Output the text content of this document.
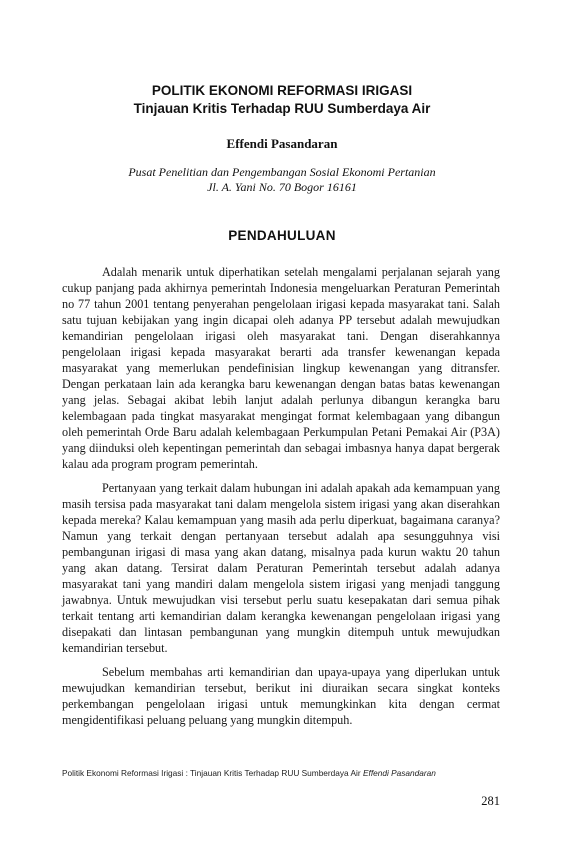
POLITIK EKONOMI REFORMASI IRIGASI
Tinjauan Kritis Terhadap RUU Sumberdaya Air
Effendi Pasandaran
Pusat Penelitian dan Pengembangan Sosial Ekonomi Pertanian
Jl. A. Yani No. 70 Bogor 16161
PENDAHULUAN

Adalah menarik untuk diperhatikan setelah mengalami perjalanan sejarah yang cukup panjang pada akhirnya pemerintah Indonesia mengeluarkan Peraturan Pemerintah no 77 tahun 2001 tentang penyerahan pengelolaan irigasi kepada masyarakat tani. Salah satu tujuan kebijakan yang ingin dicapai oleh adanya PP tersebut adalah mewujudkan kemandirian pengelolaan irigasi oleh masyarakat tani. Dengan diserahkannya pengelolaan irigasi kepada masyarakat berarti ada transfer kewenangan kepada masyarakat yang memerlukan pendefinisian lingkup kewenangan yang ditransfer. Dengan perkataan lain ada kerangka baru kewenangan dengan batas batas kewenangan yang jelas. Sebagai akibat lebih lanjut adalah perlunya dibangun kerangka baru kelembagaan pada tingkat masyarakat mengingat format kelembagaan yang dibangun oleh pemerintah Orde Baru adalah kelembagaan Perkumpulan Petani Pemakai Air (P3A) yang diinduksi oleh kepentingan pemerintah dan sebagai imbasnya hanya dapat bergerak kalau ada program program pemerintah.

Pertanyaan yang terkait dalam hubungan ini adalah apakah ada kemampuan yang masih tersisa pada masyarakat tani dalam mengelola sistem irigasi yang akan diserahkan kepada mereka? Kalau kemampuan yang masih ada perlu diperkuat, bagaimana caranya? Namun yang terkait dengan pertanyaan tersebut adalah apa sesungguhnya visi pembangunan irigasi di masa yang akan datang, misalnya pada kurun waktu 20 tahun yang akan datang. Tersirat dalam Peraturan Pemerintah tersebut adalah adanya masyarakat tani yang mandiri dalam mengelola sistem irigasi yang menjadi tanggung jawabnya. Untuk mewujudkan visi tersebut perlu suatu kesepakatan dari semua pihak terkait tentang arti kemandirian dalam kerangka kewenangan pengelolaan irigasi yang disepakati dan lintasan pembangunan yang mungkin ditempuh untuk mewujudkan kemandirian tersebut.

Sebelum membahas arti kemandirian dan upaya-upaya yang diperlukan untuk mewujudkan kemandirian tersebut, berikut ini diuraikan secara singkat konteks perkembangan pengelolaan irigasi untuk memungkinkan kita dengan cermat mengidentifikasi peluang peluang yang mungkin ditempuh.

Politik Ekonomi Reformasi Irigasi : Tinjauan Kritis Terhadap RUU Sumberdaya Air Effendi Pasandaran
281
